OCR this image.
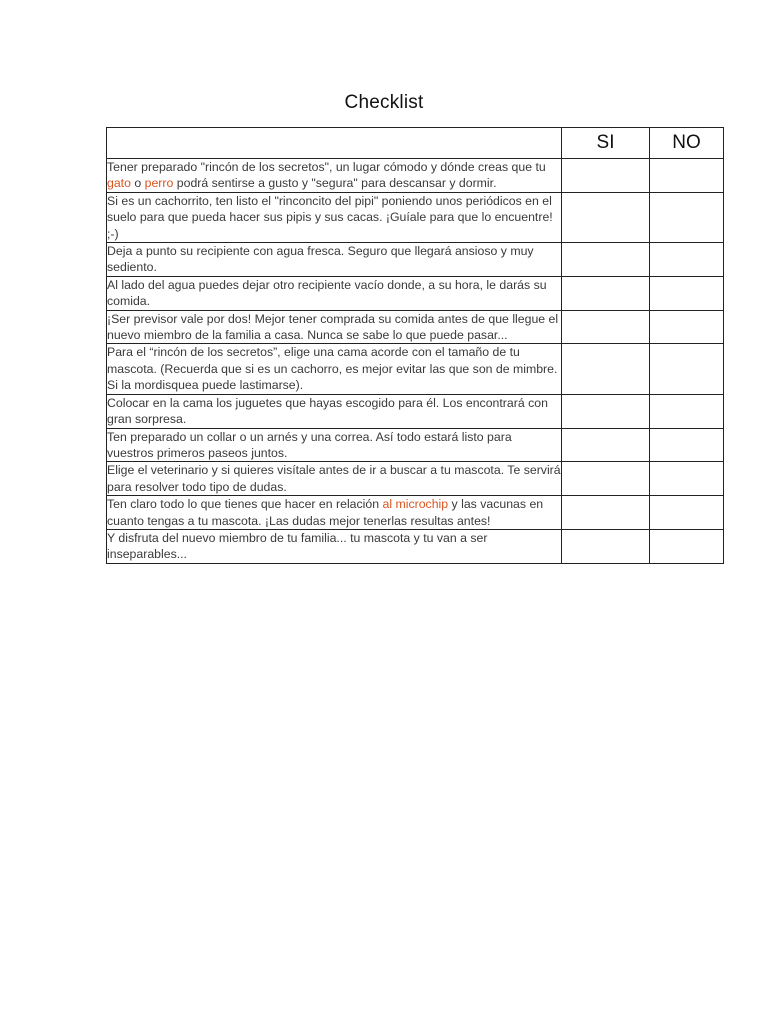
Checklist
	SI	NO
Tener preparado "rincón de los secretos", un lugar cómodo y dónde creas que tu gato o perro podrá sentirse a gusto y "segura" para descansar y dormir.		
Si es un cachorrito, ten listo el "rinconcito del pipi" poniendo unos periódicos en el suelo para que pueda hacer sus pipis y sus cacas. ¡Guíale para que lo encuentre! ;-)		
Deja a punto su recipiente con agua fresca. Seguro que llegará ansioso y muy sediento.		
Al lado del agua puedes dejar otro recipiente vacío donde, a su hora, le darás su comida.		
¡Ser previsor vale por dos! Mejor tener comprada su comida antes de que llegue el nuevo miembro de la familia a casa. Nunca se sabe lo que puede pasar...		
Para el “rincón de los secretos”, elige una cama acorde con el tamaño de tu mascota. (Recuerda que si es un cachorro, es mejor evitar las que son de mimbre. Si la mordisquea puede lastimarse).		
Colocar en la cama los juguetes que hayas escogido para él. Los encontrará con gran sorpresa.		
Ten preparado un collar o un arnés y una correa. Así todo estará listo para vuestros primeros paseos juntos.		
Elige el veterinario y si quieres visítale antes de ir a buscar a tu mascota. Te servirá para resolver todo tipo de dudas.		
Ten claro todo lo que tienes que hacer en relación al microchip y las vacunas en cuanto tengas a tu mascota. ¡Las dudas mejor tenerlas resultas antes!		
Y disfruta del nuevo miembro de tu familia... tu mascota y tu van a ser inseparables...		
